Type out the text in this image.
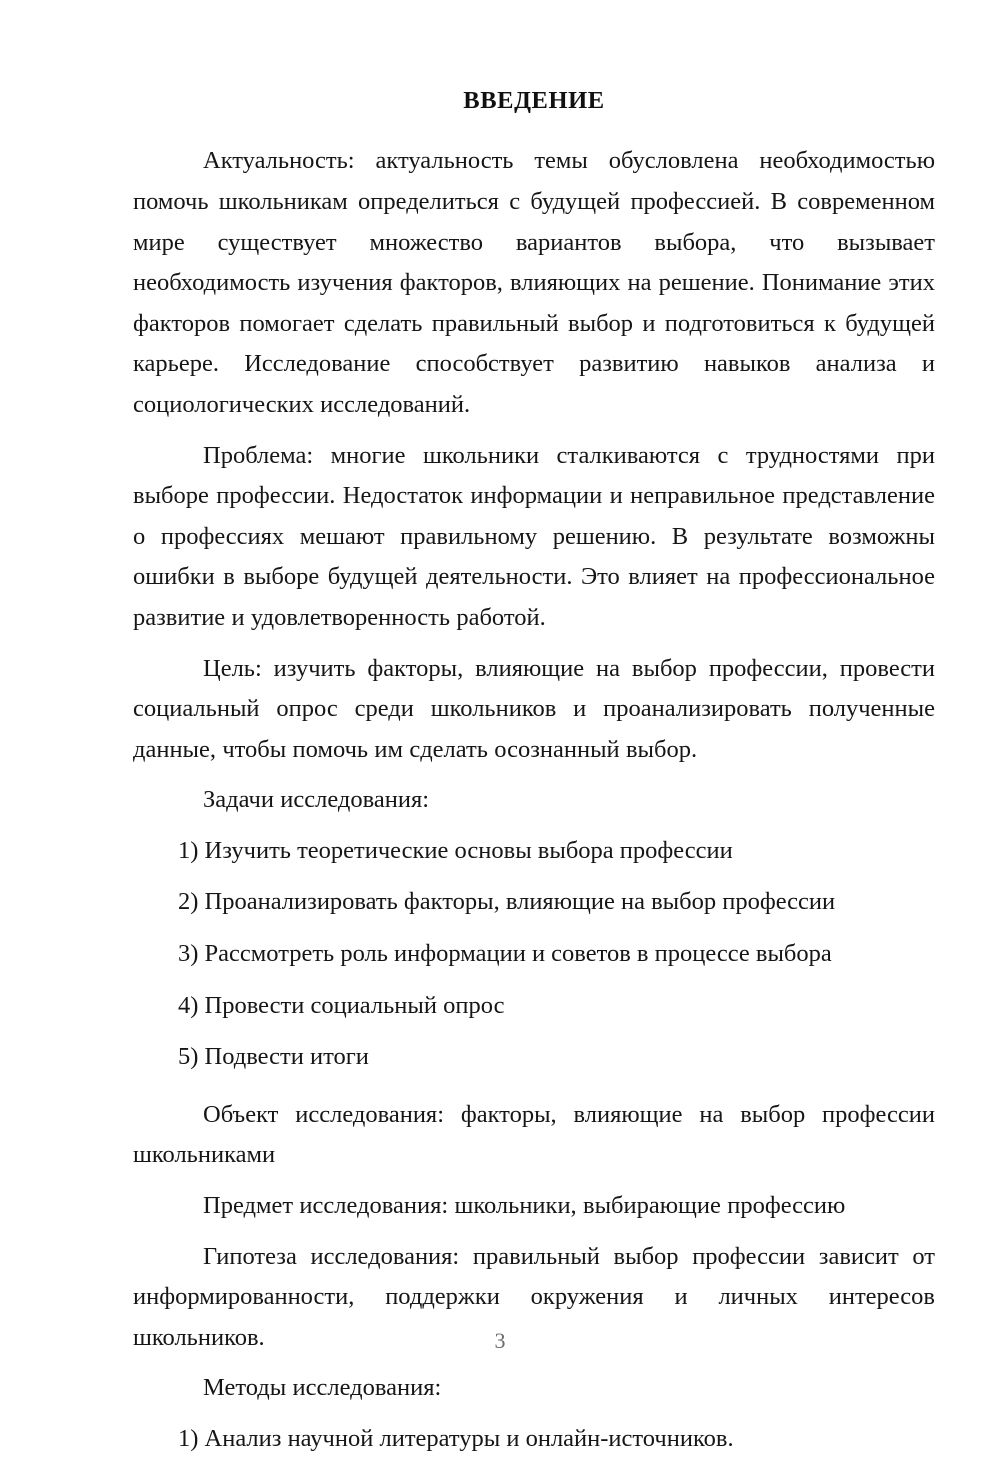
ВВЕДЕНИЕ

Актуальность: актуальность темы обусловлена необходимостью помочь школьникам определиться с будущей профессией. В современном мире существует множество вариантов выбора, что вызывает необходимость изучения факторов, влияющих на решение. Понимание этих факторов помогает сделать правильный выбор и подготовиться к будущей карьере. Исследование способствует развитию навыков анализа и социологических исследований.

Проблема: многие школьники сталкиваются с трудностями при выборе профессии. Недостаток информации и неправильное представление о профессиях мешают правильному решению. В результате возможны ошибки в выборе будущей деятельности. Это влияет на профессиональное развитие и удовлетворенность работой.

Цель: изучить факторы, влияющие на выбор профессии, провести социальный опрос среди школьников и проанализировать полученные данные, чтобы помочь им сделать осознанный выбор.

Задачи исследования:

1) Изучить теоретические основы выбора профессии

2) Проанализировать факторы, влияющие на выбор профессии

3) Рассмотреть роль информации и советов в процессе выбора

4) Провести социальный опрос

5) Подвести итоги

Объект исследования: факторы, влияющие на выбор профессии школьниками

Предмет исследования: школьники, выбирающие профессию

Гипотеза исследования: правильный выбор профессии зависит от информированности, поддержки окружения и личных интересов школьников.

Методы исследования:

1) Анализ научной литературы и онлайн-источников.

3
